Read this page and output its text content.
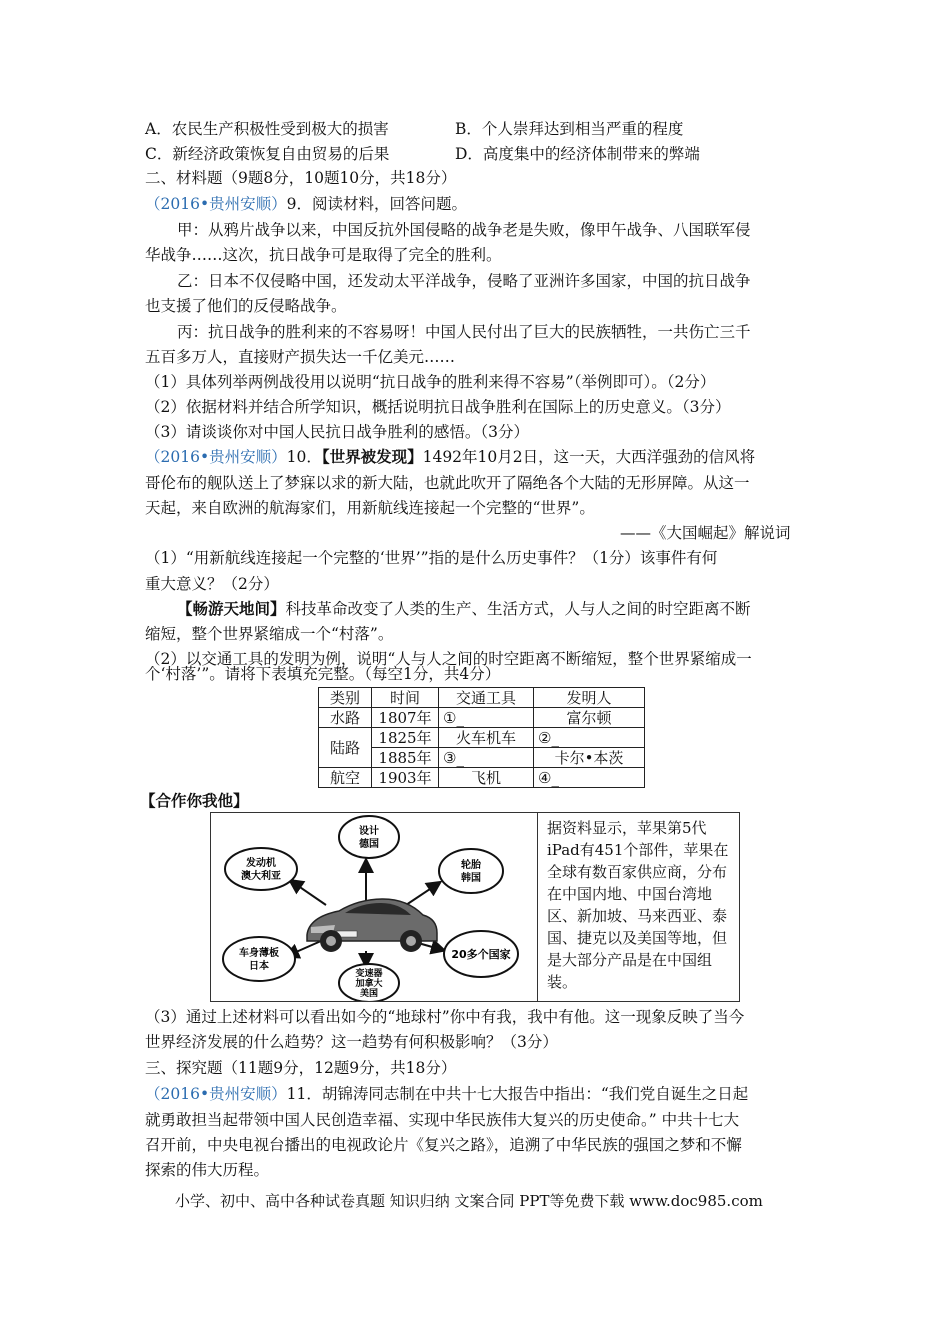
A．农民生产积极性受到极大的损害	B．个人崇拜达到相当严重的程度
C．新经济政策恢复自由贸易的后果	D．高度集中的经济体制带来的弊端
二、材料题（9题8分，10题10分，共18分）
（2016•贵州安顺）9．阅读材料，回答问题。
甲：从鸦片战争以来，中国反抗外国侵略的战争老是失败，像甲午战争、八国联军侵
华战争……这次，抗日战争可是取得了完全的胜利。
乙：日本不仅侵略中国，还发动太平洋战争，侵略了亚洲许多国家，中国的抗日战争
也支援了他们的反侵略战争。
丙：抗日战争的胜利来的不容易呀！中国人民付出了巨大的民族牺牲，一共伤亡三千
五百多万人，直接财产损失达一千亿美元……
（1）具体列举两例战役用以说明“抗日战争的胜利来得不容易”（举例即可）。（2分）
（2）依据材料并结合所学知识，概括说明抗日战争胜利在国际上的历史意义。（3分）
（3）请谈谈你对中国人民抗日战争胜利的感悟。（3分）
（2016•贵州安顺）10．【世界被发现】1492年10月2日，这一天，大西洋强劲的信风将
哥伦布的舰队送上了梦寐以求的新大陆，也就此吹开了隔绝各个大陆的无形屏障。从这一
天起，来自欧洲的航海家们，用新航线连接起一个完整的“世界”。
——《大国崛起》解说词
（1）“用新航线连接起一个完整的‘世界’”指的是什么历史事件？（1分）该事件有何
重大意义？（2分）
【畅游天地间】科技革命改变了人类的生产、生活方式，人与人之间的时空距离不断
缩短，整个世界紧缩成一个“村落”。
（2）以交通工具的发明为例，说明“人与人之间的时空距离不断缩短，整个世界紧缩成一
个‘村落’”。请将下表填充完整。（每空1分，共4分）
类别	时间	交通工具	发明人
水路	1807年	①_	富尔顿
陆路	1825年	火车机车	②_
	1885年	③_	卡尔•本茨
航空	1903年	飞机	④_
【合作你我他】
设计
德国
发动机
澳大利亚
轮胎
韩国
车身薄板
日本
20多个国家
变速器
加拿大
美国
据资料显示，苹果第5代iPad有451个部件，苹果在全球有数百家供应商，分布在中国内地、中国台湾地区、新加坡、马来西亚、泰国、捷克以及美国等地，但是大部分产品是在中国组装。
（3）通过上述材料可以看出如今的“地球村”你中有我，我中有他。这一现象反映了当今
世界经济发展的什么趋势？这一趋势有何积极影响？（3分）
三、探究题（11题9分，12题9分，共18分）
（2016•贵州安顺）11．胡锦涛同志制在中共十七大报告中指出：“我们党自诞生之日起
就勇敢担当起带领中国人民创造幸福、实现中华民族伟大复兴的历史使命。” 中共十七大
召开前，中央电视台播出的电视政论片《复兴之路》，追溯了中华民族的强国之梦和不懈
探索的伟大历程。
小学、初中、高中各种试卷真题 知识归纳 文案合同 PPT等免费下载 www.doc985.com
